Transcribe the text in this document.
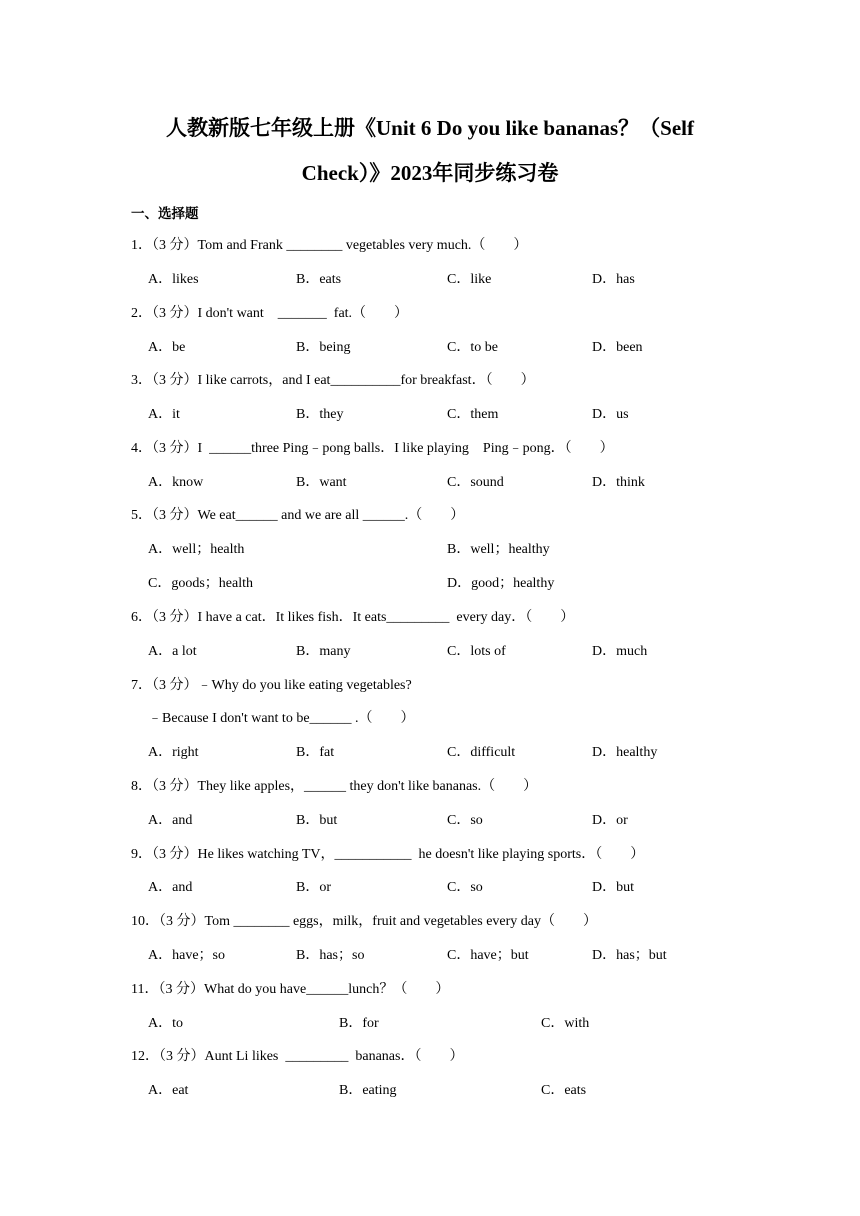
人教新版七年级上册《Unit 6 Do you like bananas？（Self
Check）》2023年同步练习卷
一、选择题

1．（3 分）Tom and Frank ________ vegetables very much.（　　）

A．likes	B．eats	C．like	D．has

2．（3 分）I don't want    _______  fat.（　　）

A．be	B．being	C．to be	D．been

3．（3 分）I like carrots，and I eat__________for breakfast．（　　）

A．it	B．they	C．them	D．us

4．（3 分）I  ______three Ping﹣pong balls．I like playing    Ping﹣pong．（　　）

A．know	B．want	C．sound	D．think

5．（3 分）We eat______ and we are all ______.（　　）

A．well；health	B．well；healthy

C．goods；health	D．good；healthy

6．（3 分）I have a cat．It likes fish．It eats_________  every day．（　　）

A．a lot	B．many	C．lots of	D．much

7．（3 分）﹣Why do you like eating vegetables?

﹣Because I don't want to be______ .（　　）

A．right	B．fat	C．difficult	D．healthy

8．（3 分）They like apples，______ they don't like bananas.（　　）

A．and	B．but	C．so	D．or

9．（3 分）He likes watching TV，___________  he doesn't like playing sports．（　　）

A．and	B．or	C．so	D．but

10．（3 分）Tom ________ eggs，milk，fruit and vegetables every day（　　）

A．have；so	B．has；so	C．have；but	D．has；but

11．（3 分）What do you have______lunch？（　　）

A．to	B．for	C．with

12．（3 分）Aunt Li likes  _________  bananas．（　　）

A．eat	B．eating	C．eats
